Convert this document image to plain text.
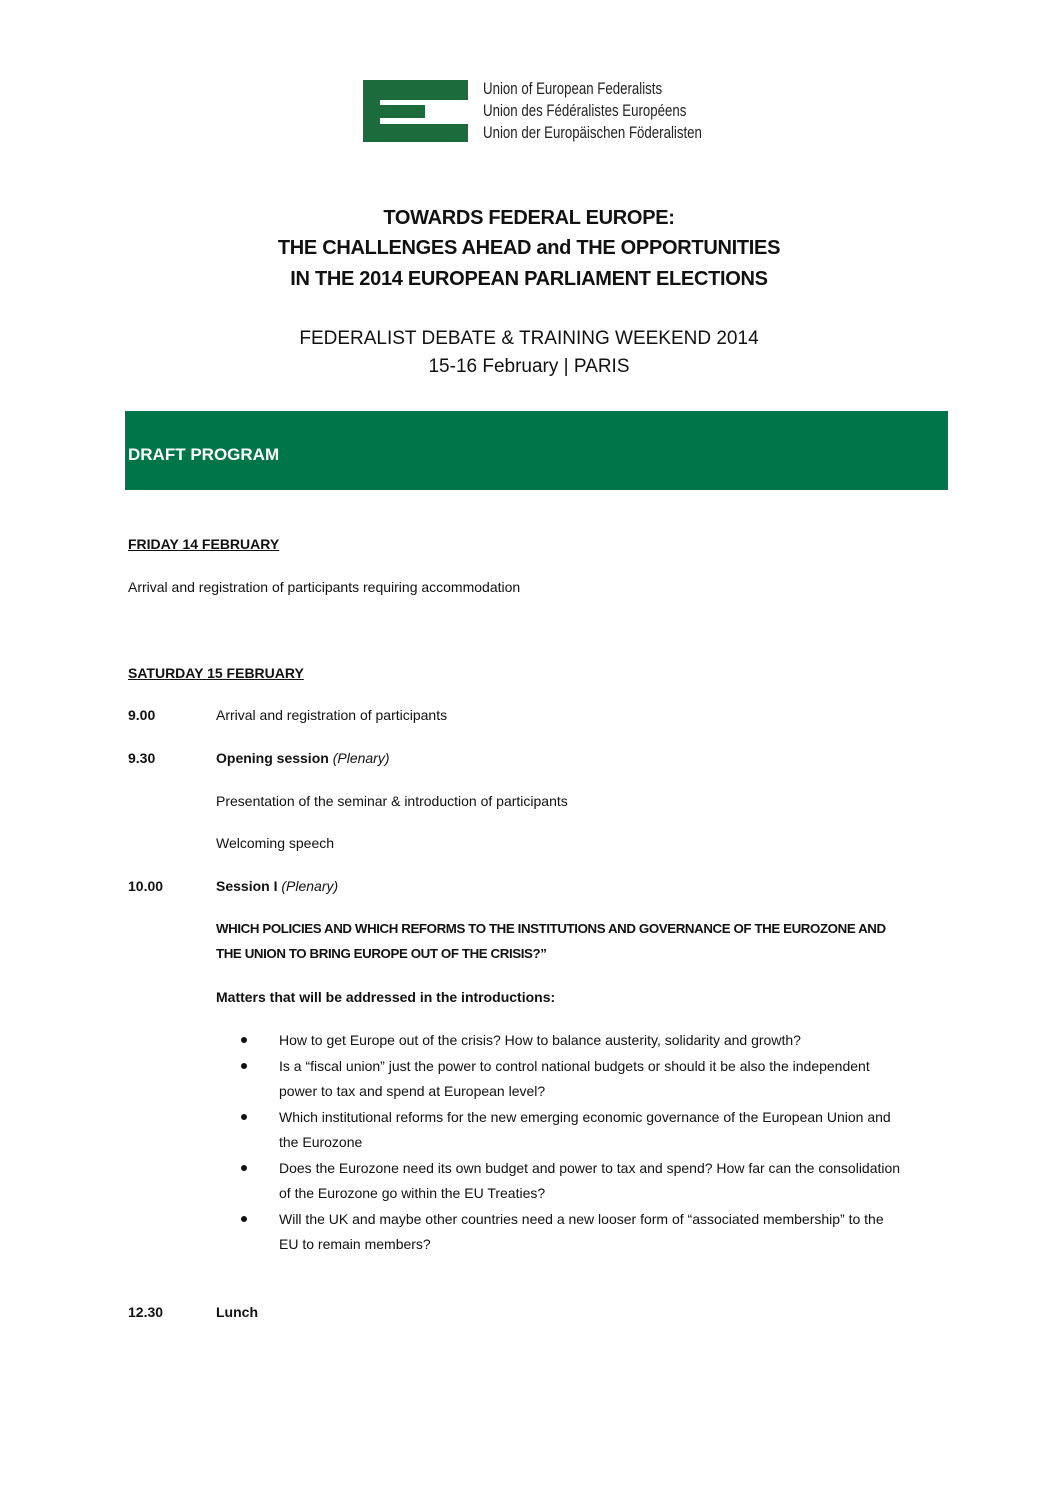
Union of European Federalists
Union des Fédéralistes Européens
Union der Europäischen Föderalisten
TOWARDS FEDERAL EUROPE:
THE CHALLENGES AHEAD and THE OPPORTUNITIES
IN THE 2014 EUROPEAN PARLIAMENT ELECTIONS
FEDERALIST DEBATE & TRAINING WEEKEND 2014
15-16 February | PARIS
DRAFT PROGRAM
FRIDAY 14 FEBRUARY
Arrival and registration of participants requiring accommodation
SATURDAY 15 FEBRUARY
9.00	Arrival and registration of participants
9.30	Opening session (Plenary)
Presentation of the seminar & introduction of participants
Welcoming speech
10.00	Session I (Plenary)
WHICH POLICIES AND WHICH REFORMS TO THE INSTITUTIONS AND GOVERNANCE OF THE EUROZONE AND
THE UNION TO BRING EUROPE OUT OF THE CRISIS?”
Matters that will be addressed in the introductions:
How to get Europe out of the crisis? How to balance austerity, solidarity and growth?
Is a “fiscal union” just the power to control national budgets or should it be also the independent
power to tax and spend at European level?
Which institutional reforms for the new emerging economic governance of the European Union and
the Eurozone
Does the Eurozone need its own budget and power to tax and spend? How far can the consolidation
of the Eurozone go within the EU Treaties?
Will the UK and maybe other countries need a new looser form of “associated membership” to the
EU to remain members?
12.30	Lunch
